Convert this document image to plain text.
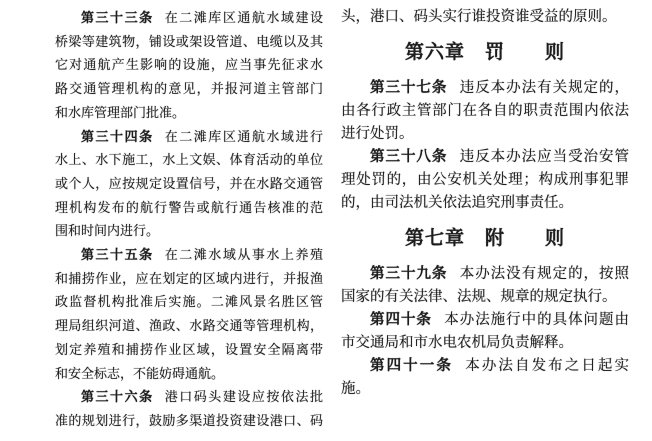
第三十三条 在二滩库区通航水域建设
桥梁等建筑物，铺设或架设管道、电缆以及其
它对通航产生影响的设施，应当事先征求水
路交通管理机构的意见，并报河道主管部门
和水库管理部门批准。
第三十四条 在二滩库区通航水域进行
水上、水下施工，水上文娱、体育活动的单位
或个人，应按规定设置信号，并在水路交通管
理机构发布的航行警告或航行通告核准的范
围和时间内进行。
第三十五条 在二滩水域从事水上养殖
和捕捞作业，应在划定的区域内进行，并报渔
政监督机构批准后实施。二滩风景名胜区管
理局组织河道、渔政、水路交通等管理机构，
划定养殖和捕捞作业区域，设置安全隔离带
和安全标志，不能妨碍通航。
第三十六条 港口码头建设应按依法批
准的规划进行，鼓励多渠道投资建设港口、码
头，港口、码头实行谁投资谁受益的原则。
第六章　罚　　则
第三十七条 违反本办法有关规定的，
由各行政主管部门在各自的职责范围内依法
进行处罚。
第三十八条 违反本办法应当受治安管
理处罚的，由公安机关处理；构成刑事犯罪
的，由司法机关依法追究刑事责任。
第七章　附　　则
第三十九条 本办法没有规定的，按照
国家的有关法律、法规、规章的规定执行。
第四十条 本办法施行中的具体问题由
市交通局和市水电农机局负责解释。
第四十一条 本办法自发布之日起实
施。
